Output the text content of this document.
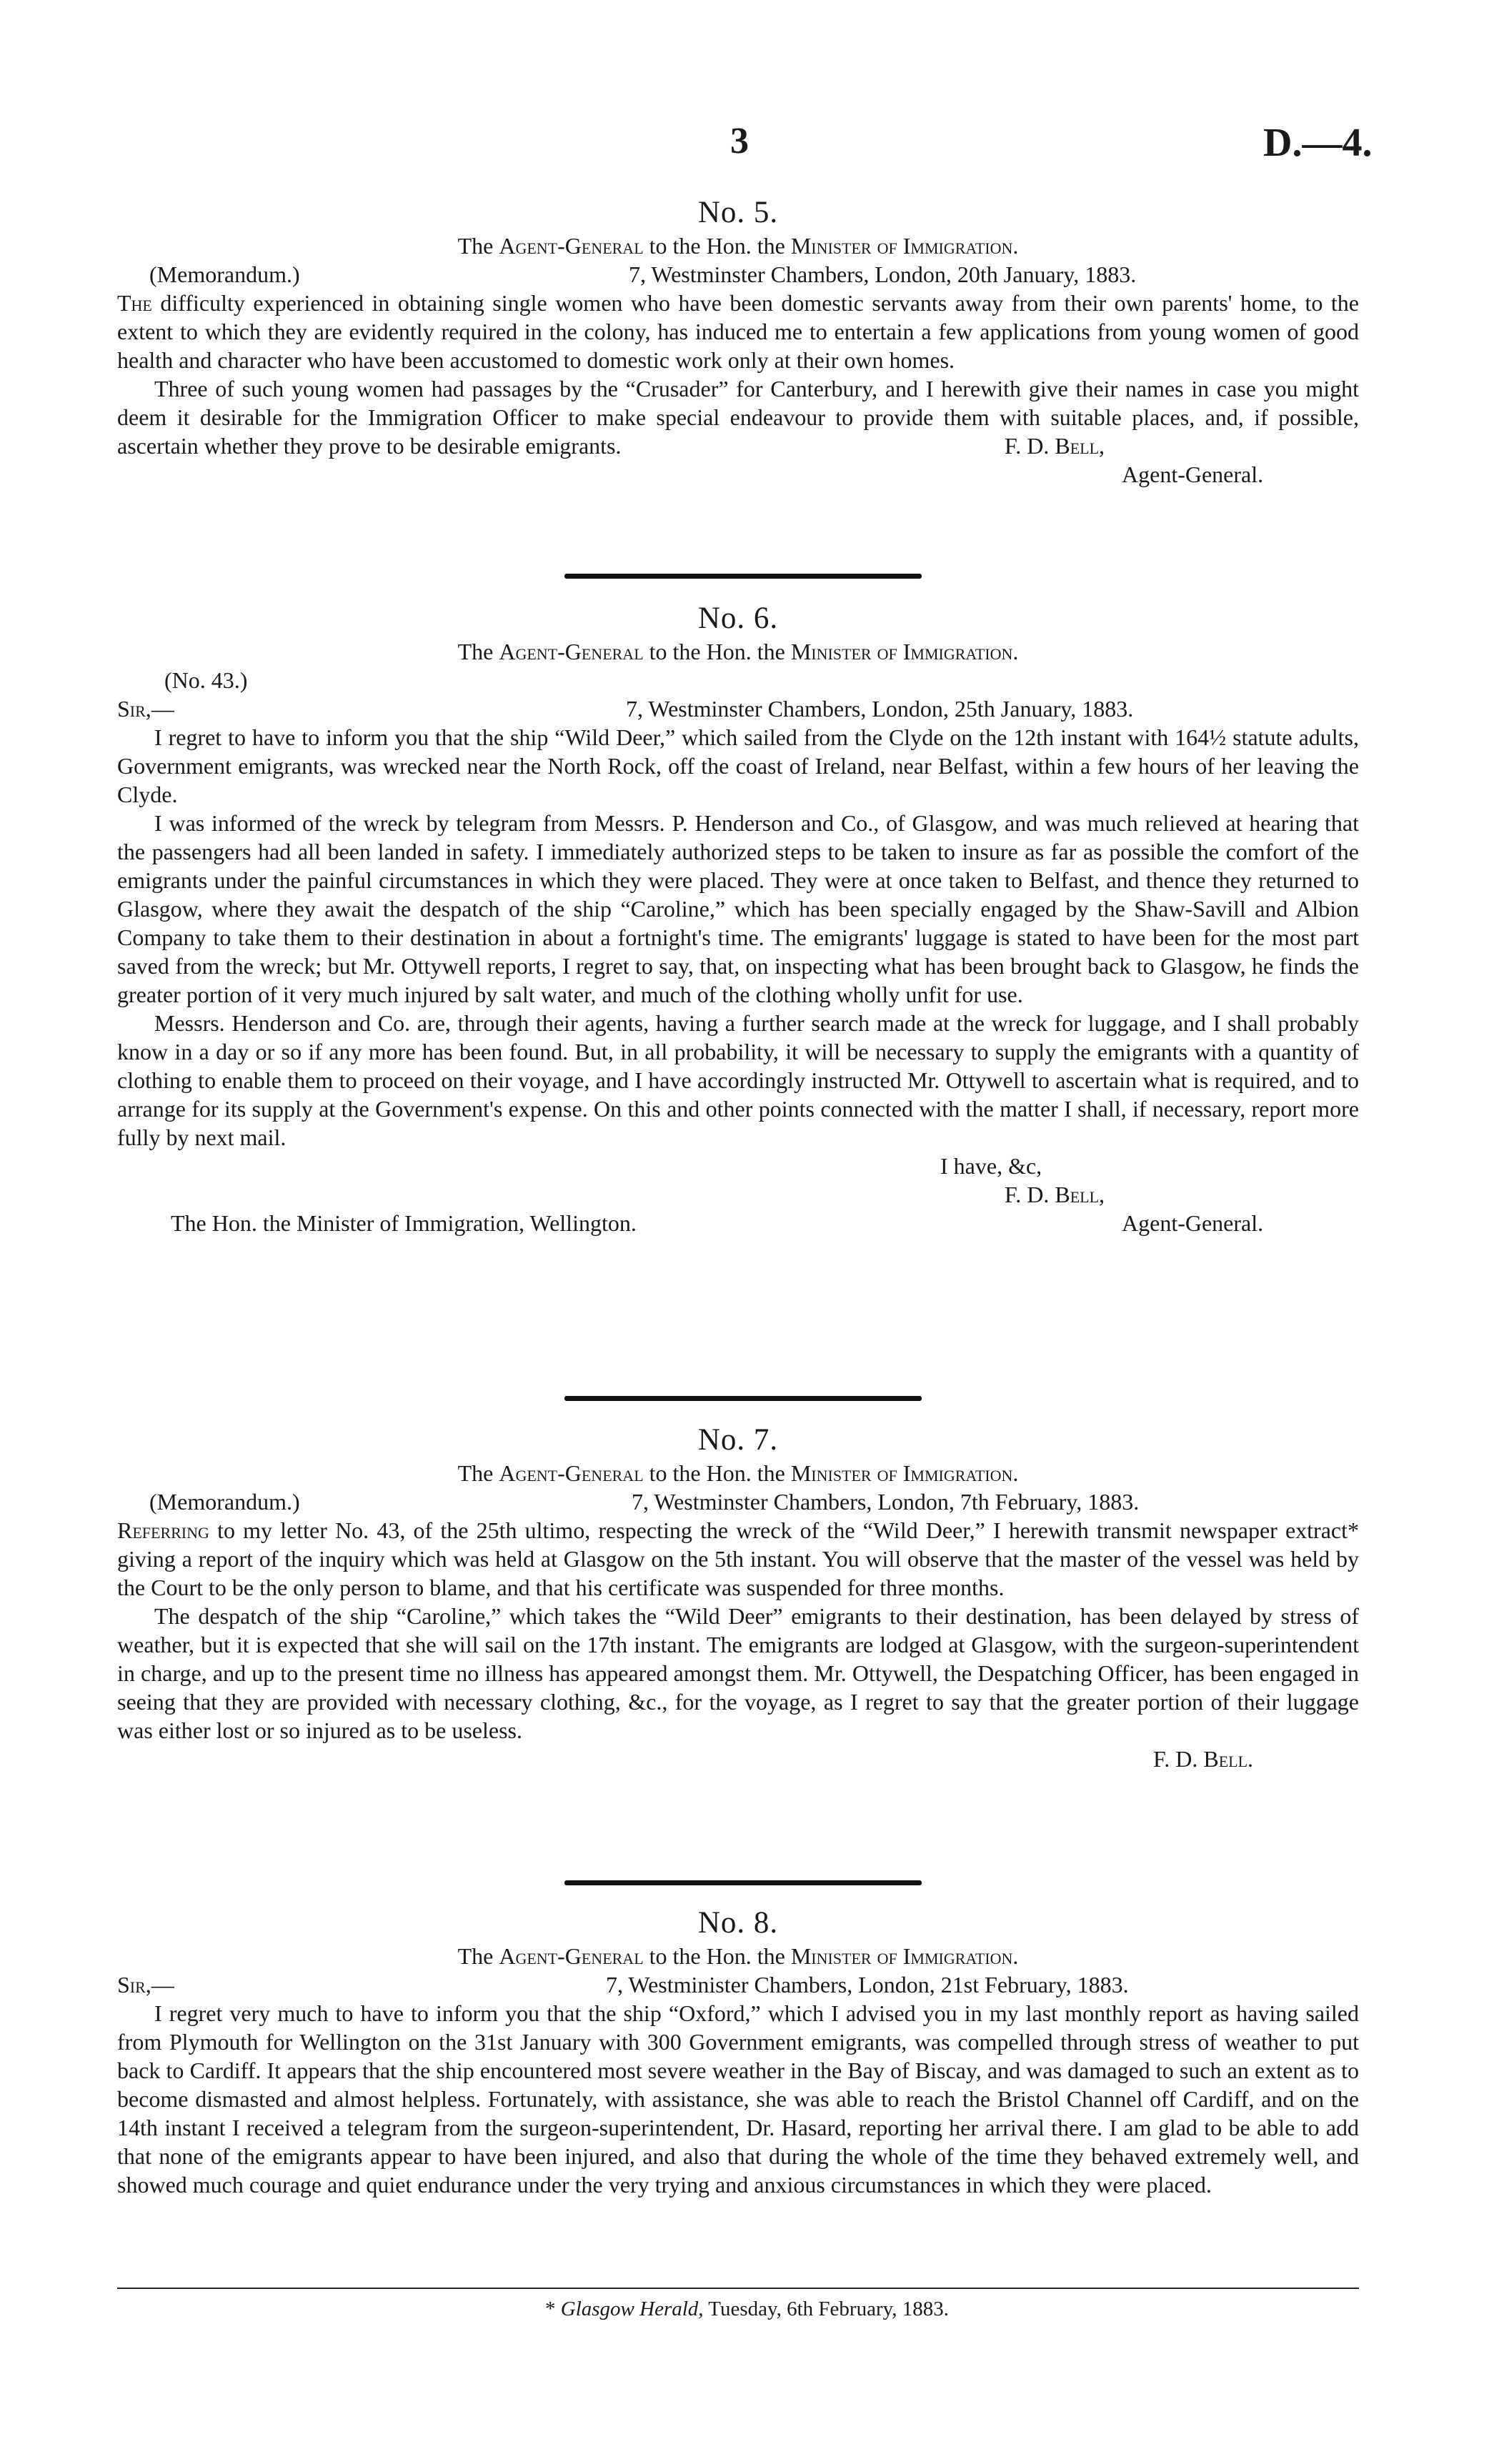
3	D.—4.
No. 5.
The Agent-General to the Hon. the Minister of Immigration.
(Memorandum.)	7, Westminster Chambers, London, 20th January, 1883.

The difficulty experienced in obtaining single women who have been domestic servants away from their own parents' home, to the extent to which they are evidently required in the colony, has induced me to entertain a few applications from young women of good health and character who have been accustomed to domestic work only at their own homes.

Three of such young women had passages by the “Crusader” for Canterbury, and I herewith give their names in case you might deem it desirable for the Immigration Officer to make special endeavour to provide them with suitable places, and, if possible, ascertain whether they prove to be desirable emigrants.	F. D. Bell,
Agent-General.
No. 6.
The Agent-General to the Hon. the Minister of Immigration.
(No. 43.)
Sir,—	7, Westminster Chambers, London, 25th January, 1883.

I regret to have to inform you that the ship “Wild Deer,” which sailed from the Clyde on the 12th instant with 164½ statute adults, Government emigrants, was wrecked near the North Rock, off the coast of Ireland, near Belfast, within a few hours of her leaving the Clyde.

I was informed of the wreck by telegram from Messrs. P. Henderson and Co., of Glasgow, and was much relieved at hearing that the passengers had all been landed in safety. I immediately authorized steps to be taken to insure as far as possible the comfort of the emigrants under the painful circumstances in which they were placed. They were at once taken to Belfast, and thence they returned to Glasgow, where they await the despatch of the ship “Caroline,” which has been specially engaged by the Shaw-Savill and Albion Company to take them to their destination in about a fortnight's time. The emigrants' luggage is stated to have been for the most part saved from the wreck; but Mr. Ottywell reports, I regret to say, that, on inspecting what has been brought back to Glasgow, he finds the greater portion of it very much injured by salt water, and much of the clothing wholly unfit for use.

Messrs. Henderson and Co. are, through their agents, having a further search made at the wreck for luggage, and I shall probably know in a day or so if any more has been found. But, in all probability, it will be necessary to supply the emigrants with a quantity of clothing to enable them to proceed on their voyage, and I have accordingly instructed Mr. Ottywell to ascertain what is required, and to arrange for its supply at the Government's expense. On this and other points connected with the matter I shall, if necessary, report more fully by next mail.

I have, &c,
F. D. Bell,
The Hon. the Minister of Immigration, Wellington.	Agent-General.
No. 7.
The Agent-General to the Hon. the Minister of Immigration.
(Memorandum.)	7, Westminster Chambers, London, 7th February, 1883.

Referring to my letter No. 43, of the 25th ultimo, respecting the wreck of the “Wild Deer,” I herewith transmit newspaper extract* giving a report of the inquiry which was held at Glasgow on the 5th instant. You will observe that the master of the vessel was held by the Court to be the only person to blame, and that his certificate was suspended for three months.

The despatch of the ship “Caroline,” which takes the “Wild Deer” emigrants to their destination, has been delayed by stress of weather, but it is expected that she will sail on the 17th instant. The emigrants are lodged at Glasgow, with the surgeon-superintendent in charge, and up to the present time no illness has appeared amongst them. Mr. Ottywell, the Despatching Officer, has been engaged in seeing that they are provided with necessary clothing, &c., for the voyage, as I regret to say that the greater portion of their luggage was either lost or so injured as to be useless.

F. D. Bell.
No. 8.
The Agent-General to the Hon. the Minister of Immigration.
Sir,—	7, Westminister Chambers, London, 21st February, 1883.

I regret very much to have to inform you that the ship “Oxford,” which I advised you in my last monthly report as having sailed from Plymouth for Wellington on the 31st January with 300 Government emigrants, was compelled through stress of weather to put back to Cardiff. It appears that the ship encountered most severe weather in the Bay of Biscay, and was damaged to such an extent as to become dismasted and almost helpless. Fortunately, with assistance, she was able to reach the Bristol Channel off Cardiff, and on the 14th instant I received a telegram from the surgeon-superintendent, Dr. Hasard, reporting her arrival there. I am glad to be able to add that none of the emigrants appear to have been injured, and also that during the whole of the time they behaved extremely well, and showed much courage and quiet endurance under the very trying and anxious circumstances in which they were placed.

* Glasgow Herald, Tuesday, 6th February, 1883.
